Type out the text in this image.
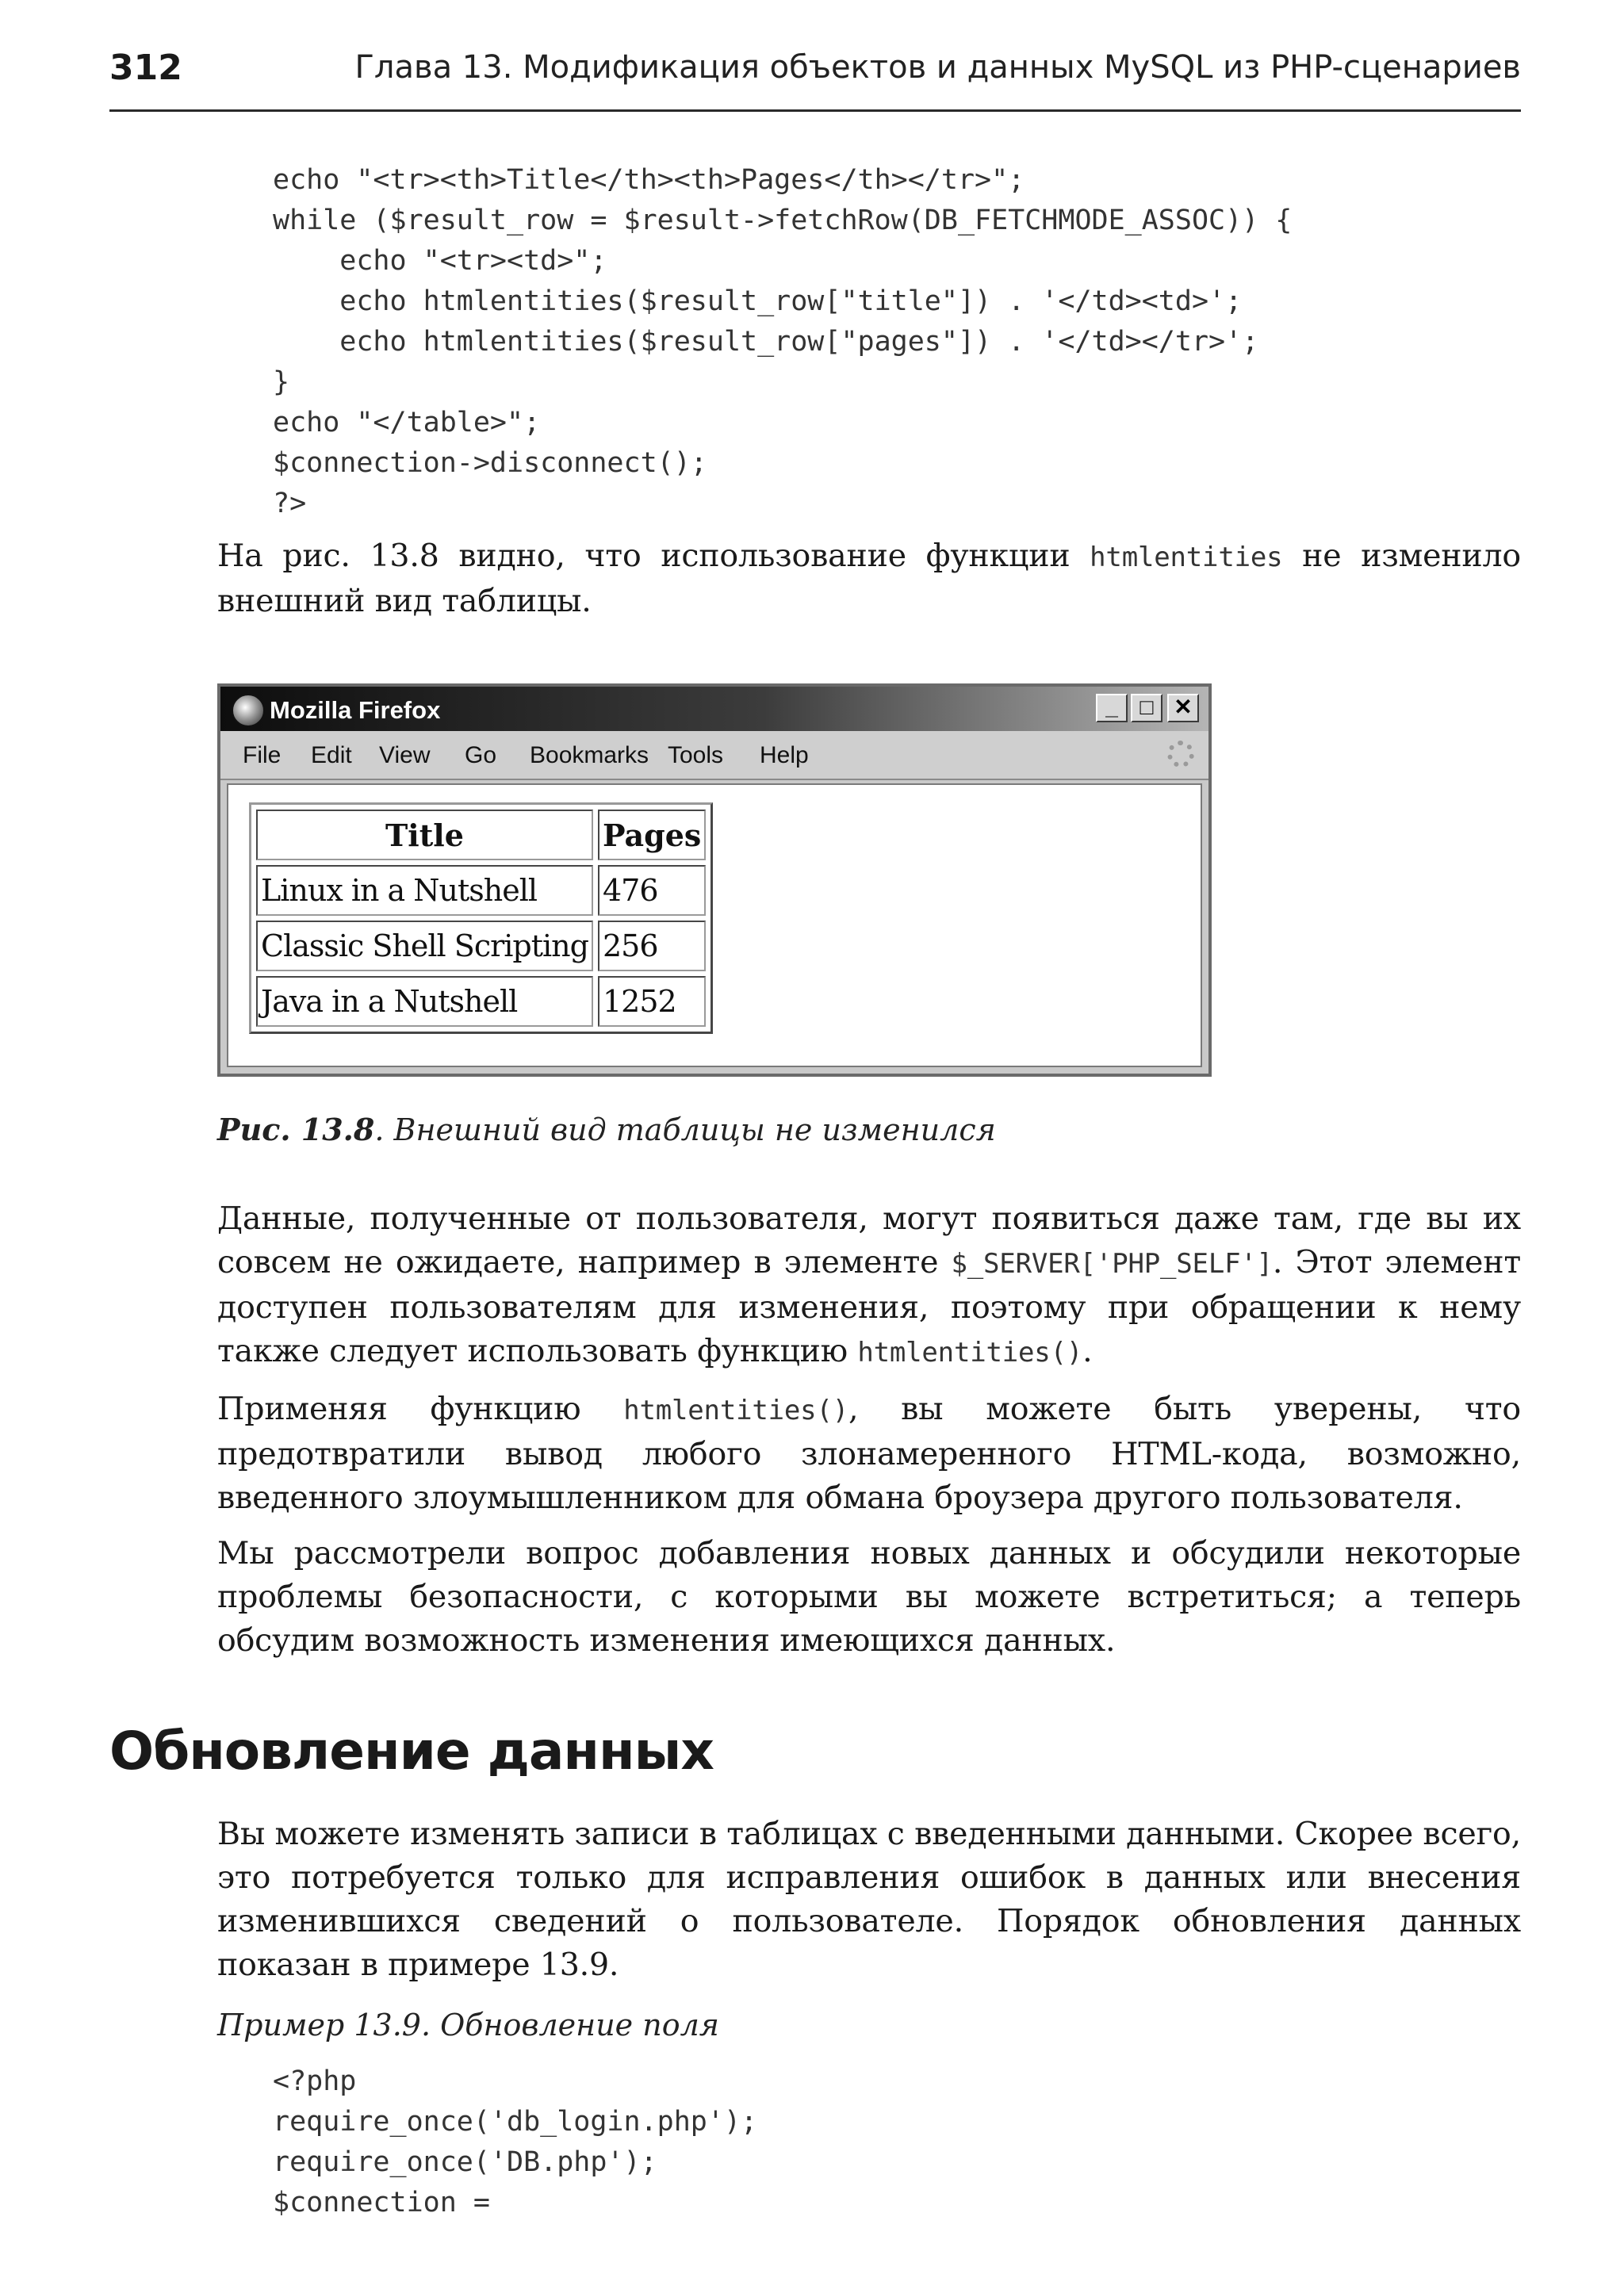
312	Глава 13. Модификация объектов и данных MySQL из PHP-сценариев
echo "<tr><th>Title</th><th>Pages</th></tr>";
while ($result_row = $result->fetchRow(DB_FETCHMODE_ASSOC)) {
echo "<tr><td>";
echo htmlentities($result_row["title"]) . '</td><td>';
echo htmlentities($result_row["pages"]) . '</td></tr>';
}
echo "</table>";
$connection->disconnect();
?>

На рис. 13.8 видно, что использование функции htmlentities не изменило внешний вид таблицы.

Mozilla Firefox	_ □ ✕
File Edit View Go Bookmarks Tools Help
Title	Pages
Linux in a Nutshell	476
Classic Shell Scripting	256
Java in a Nutshell	1252

Рис. 13.8. Внешний вид таблицы не изменился

Данные, полученные от пользователя, могут появиться даже там, где вы их совсем не ожидаете, например в элементе $_SERVER['PHP_SELF']. Этот элемент доступен пользователям для изменения, поэтому при обращении к нему также следует использовать функцию htmlentities().

Применяя функцию htmlentities(), вы можете быть уверены, что предотвратили вывод любого злонамеренного HTML-кода, возможно, введенного злоумышленником для обмана броузера другого пользователя.

Мы рассмотрели вопрос добавления новых данных и обсудили некоторые проблемы безопасности, с которыми вы можете встретиться; а теперь обсудим возможность изменения имеющихся данных.

Обновление данных

Вы можете изменять записи в таблицах с введенными данными. Скорее всего, это потребуется только для исправления ошибок в данных или внесения изменившихся сведений о пользователе. Порядок обновления данных показан в примере 13.9.

Пример 13.9. Обновление поля

<?php
require_once('db_login.php');
require_once('DB.php');
$connection =
